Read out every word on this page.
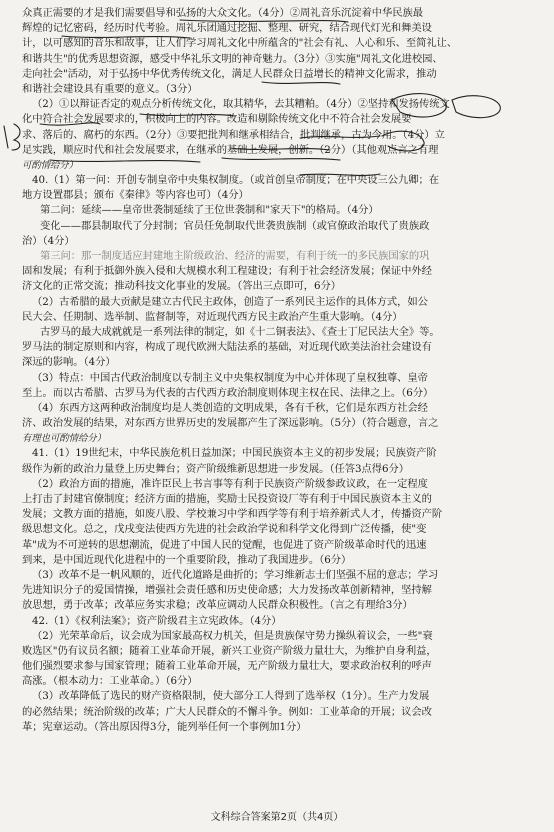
众真正需要的才是我们需要倡导和弘扬的大众文化。（4分）②周礼音乐沉淀着中华民族最
辉煌的记忆密码，经历时代考验。周礼乐团通过挖掘、整理、研究，结合现代灯光和舞美设
计，以可感知的音乐和故事，让人们学习周礼文化中所蕴含的"社会有礼、人心和乐、至简礼让、
和谐共生"的优秀思想资源，感受中华礼乐文明的神奇魅力。（3分）③实施"周礼文化进校园、
走向社会"活动，对于弘扬中华优秀传统文化，满足人民群众日益增长的精神文化需求，推动
和谐社会建设具有重要的意义。（3分）
（2）①以辩证否定的观点分析传统文化，取其精华，去其糟粕。（4分）②坚持和发扬传统文
化中符合社会发展要求的，积极向上的内容。改造和剔除传统文化中不符合社会发展要
求、落后的、腐朽的东西。（2分）③要把批判和继承相结合，批判继承，古为今用。（4分）立
足实践，顺应时代和社会发展要求，在继承的基础上发展，创新。（2分）（其他观点言之有理
可酌情给分）
40.（1）第一问：开创专制皇帝中央集权制度。（或首创皇帝制度；在中央设三公九卿；在
地方设置郡县；颁布《秦律》等内容也可）（4分）
第二问：延续——皇帝世袭制延续了王位世袭制和"家天下"的格局。（4分）
变化——郡县制取代了分封制；官员任免制取代世袭贵族制（或官僚政治取代了贵族政
治）（4分）
第三问：那一制度适应封建地主阶级政治、经济的需要，有利于统一的多民族国家的巩
固和发展；有利于抵御外族入侵和大规模水利工程建设；有利于社会经济发展；保证中外经
济文化的正常交流；推动科技文化事业的发展。（答出三点即可，6分）
（2）古希腊的最大贡献是建立古代民主政体，创造了一系列民主运作的具体方式，如公
民大会、任期制、选举制、监督制等，对近现代西方民主政治产生重大影响。（4分）
古罗马的最大成就就是一系列法律的制定，如《十二铜表法》、《查士丁尼民法大全》等。
罗马法的制定原则和内容，构成了现代欧洲大陆法系的基础，对近现代欧美法治社会建设有
深远的影响。（4分）
（3）特点：中国古代政治制度以专制主义中央集权制度为中心并体现了皇权独尊、皇帝
至上。而以古希腊、古罗马为代表的古代西方政治制度则体现主权在民、法律之上。（6分）
（4）东西方这两种政治制度均是人类创造的文明成果，各有千秋，它们是东西方社会经
济、政治发展的结果，对东西方世界历史的发展都产生了深远影响。（5分）（符合题意，言之
有理也可酌情给分）
41.（1）19世纪末，中华民族危机日益加深；中国民族资本主义的初步发展；民族资产阶
级作为新的政治力量登上历史舞台；资产阶级维新思想进一步发展。（任答3点得6分）
（2）政治方面的措施，准许臣民上书言事等有利于民族资产阶级参政议政，在一定程度
上打击了封建官僚制度；经济方面的措施，奖励士民投资设厂等有利于中国民族资本主义的
发展；文教方面的措施，如废八股、学校兼习中学和西学等有利于培养新式人才，传播资产阶
级思想文化。总之，戊戌变法使西方先进的社会政治学说和科学文化得到广泛传播，使"变
革"成为不可逆转的思想潮流，促进了中国人民的觉醒，也促进了资产阶级革命时代的迅速
到来，是中国近现代化进程中的一个重要阶段，推动了我国进步。（6分）
（3）改革不是一帆风顺的，近代化道路是曲折的；学习维新志士们坚强不屈的意志；学习
先进知识分子的爱国情操，增强社会责任感和历史使命感；大力发扬改革创新精神，坚持解
放思想，勇于改革；改革应务实求稳；改革应调动人民群众积极性。（言之有理给3分）
42.（1）《权利法案》；资产阶级君主立宪政体。（4分）
（2）光荣革命后，议会成为国家最高权力机关，但是贵族保守势力操纵着议会，一些"衰
败选区"仍有议员名额；随着工业革命开展，新兴工业资产阶级力量壮大，为维护自身利益，
他们强烈要求参与国家管理；随着工业革命开展，无产阶级力量壮大，要求政治权利的呼声
高涨。（根本动力：工业革命。）（6分）
（3）改革降低了选民的财产资格限制，使大部分工人得到了选举权（1分）。生产力发展
的必然结果；统治阶级的改革；广大人民群众的不懈斗争。例如：工业革命的开展；议会改
革；宪章运动。（答出原因得3分，能列举任何一个事例加1分）
文科综合答案第2页（共4页）
